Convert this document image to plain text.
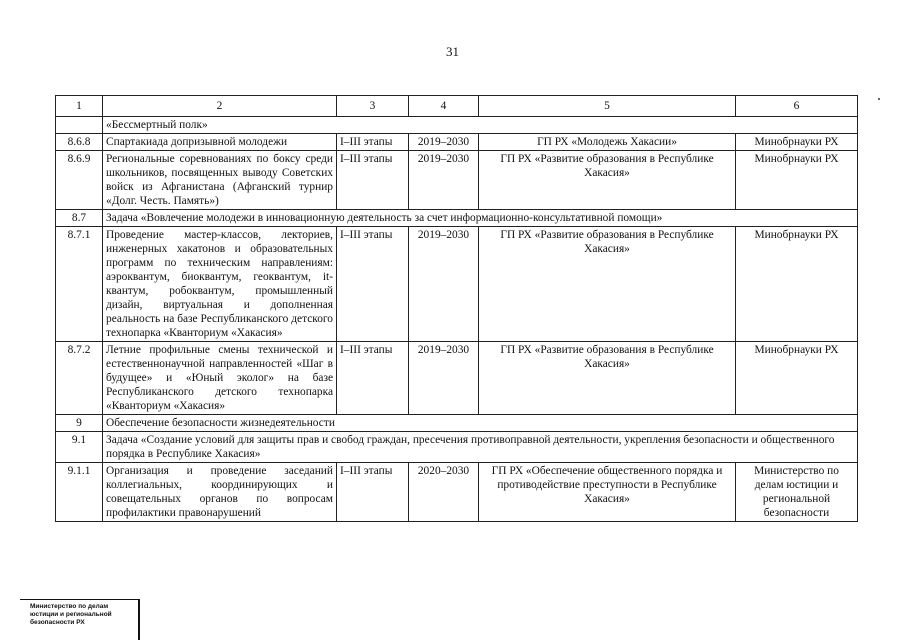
31
1	2	3	4	5	6
	«Бессмертный полк»				
8.6.8	Спартакиада допризывной молодежи	I–III этапы	2019–2030	ГП РХ «Молодежь Хакасии»	Минобрнауки РХ
8.6.9	Региональные соревнованиях по боксу среди школьников, посвященных выводу Советских войск из Афганистана (Афганский турнир «Долг. Честь. Память»)	I–III этапы	2019–2030	ГП РХ «Развитие образования в Республике Хакасия»	Минобрнауки РХ
8.7	Задача «Вовлечение молодежи в инновационную деятельность за счет информационно-консультативной помощи»				
8.7.1	Проведение мастер-классов, лекториев, инженерных хакатонов и образовательных программ по техническим направлениям: аэроквантум, биоквантум, геоквантум, it-квантум, робоквантум, промышленный дизайн, виртуальная и дополненная реальность на базе Республиканского детского технопарка «Кванториум «Хакасия»	I–III этапы	2019–2030	ГП РХ «Развитие образования в Республике Хакасия»	Минобрнауки РХ
8.7.2	Летние профильные смены технической и естественнонаучной направленностей «Шаг в будущее» и «Юный эколог» на базе Республиканского детского технопарка «Кванториум «Хакасия»	I–III этапы	2019–2030	ГП РХ «Развитие образования в Республике Хакасия»	Минобрнауки РХ
9	Обеспечение безопасности жизнедеятельности				
9.1	Задача «Создание условий для защиты прав и свобод граждан, пресечения противоправной деятельности, укрепления безопасности и общественного порядка в Республике Хакасия»				
9.1.1	Организация и проведение заседаний коллегиальных, координирующих и совещательных органов по вопросам профилактики правонарушений	I–III этапы	2020–2030	ГП РХ «Обеспечение общественного порядка и противодействие преступности в Республике Хакасия»	Министерство по делам юстиции и региональной безопасности
Министерство по делам
юстиции и региональной
безопасности РХ
